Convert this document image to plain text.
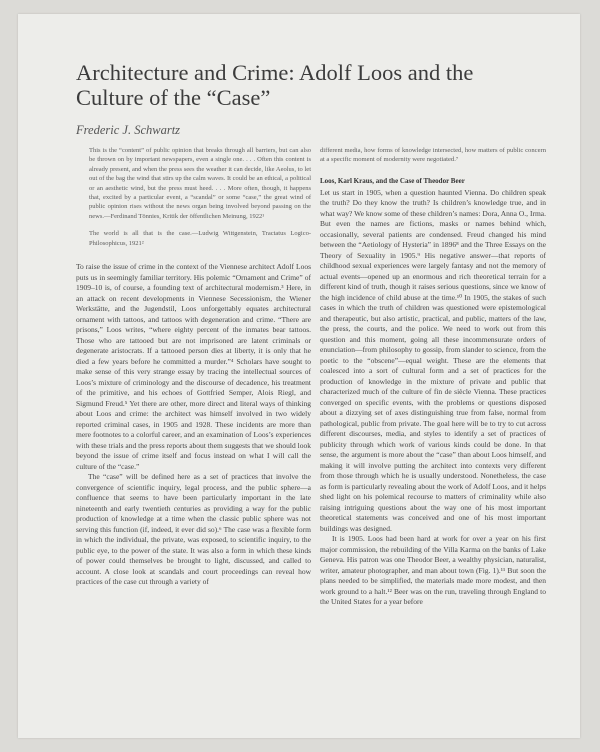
Architecture and Crime: Adolf Loos and the Culture of the “Case”

Frederic J. Schwartz

This is the “content” of public opinion that breaks through all barriers, but can also be thrown on by important newspapers, even a single one. . . . Often this content is already present, and when the press sees the weather it can decide, like Aeolus, to let out of the bag the wind that stirs up the calm waves. It could be an ethical, a political or an aesthetic wind, but the press must heed. . . . More often, though, it happens that, excited by a particular event, a “scandal” or some “case,” the great wind of public opinion rises without the news organ being involved beyond passing on the news.—Ferdinand Tönnies, Kritik der öffentlichen Meinung, 1922¹

The world is all that is the case.—Ludwig Wittgenstein, Tractatus Logico-Philosophicus, 1921²

To raise the issue of crime in the context of the Viennese architect Adolf Loos puts us in seemingly familiar territory. His polemic “Ornament and Crime” of 1909–10 is, of course, a founding text of architectural modernism.³ Here, in an attack on recent developments in Viennese Secessionism, the Wiener Werkstätte, and the Jugendstil, Loos unforgettably equates architectural ornament with tattoos, and tattoos with degeneration and crime. “There are prisons,” Loos writes, “where eighty percent of the inmates bear tattoos. Those who are tattooed but are not imprisoned are latent criminals or degenerate aristocrats. If a tattooed person dies at liberty, it is only that he died a few years before he committed a murder.”⁴ Scholars have sought to make sense of this very strange essay by tracing the intellectual sources of Loos’s mixture of criminology and the discourse of decadence, his treatment of the primitive, and his echoes of Gottfried Semper, Alois Riegl, and Sigmund Freud.⁵ Yet there are other, more direct and literal ways of thinking about Loos and crime: the architect was himself involved in two widely reported criminal cases, in 1905 and 1928. These incidents are more than mere footnotes to a colorful career, and an examination of Loos’s experiences with these trials and the press reports about them suggests that we should look beyond the issue of crime itself and focus instead on what I will call the culture of the “case.”

The “case” will be defined here as a set of practices that involve the convergence of scientific inquiry, legal process, and the public sphere—a confluence that seems to have been particularly important in the late nineteenth and early twentieth centuries as providing a way for the public production of knowledge at a time when the classic public sphere was not serving this function (if, indeed, it ever did so).⁶ The case was a flexible form in which the individual, the private, was exposed, to scientific inquiry, to the public eye, to the power of the state. It was also a form in which these kinds of power could themselves be brought to light, discussed, and called to account. A close look at scandals and court proceedings can reveal how practices of the case cut through a variety of

different media, how forms of knowledge intersected, how matters of public concern at a specific moment of modernity were negotiated.⁷

Loos, Karl Kraus, and the Case of Theodor Beer

Let us start in 1905, when a question haunted Vienna. Do children speak the truth? Do they know the truth? Is children’s knowledge true, and in what way? We know some of these children’s names: Dora, Anna O., Irma. But even the names are fictions, masks or names behind which, occasionally, several patients are condensed. Freud changed his mind between the “Aetiology of Hysteria” in 1896⁸ and the Three Essays on the Theory of Sexuality in 1905.⁹ His negative answer—that reports of childhood sexual experiences were largely fantasy and not the memory of actual events—opened up an enormous and rich theoretical terrain for a different kind of truth, though it raises serious questions, since we know of the high incidence of child abuse at the time.¹⁰ In 1905, the stakes of such cases in which the truth of children was questioned were epistemological and therapeutic, but also artistic, practical, and public, matters of the law, the press, the courts, and the police. We need to work out from this question and this moment, going all these incommensurate orders of enunciation—from philosophy to gossip, from slander to science, from the poetic to the “obscene”—equal weight. These are the elements that coalesced into a sort of cultural form and a set of practices for the production of knowledge in the mixture of private and public that characterized much of the culture of fin de siècle Vienna. These practices converged on specific events, with the problems or questions disposed about a dizzying set of axes distinguishing true from false, normal from pathological, public from private. The goal here will be to try to cut across different discourses, media, and styles to identify a set of practices of publicity through which work of various kinds could be done. In that sense, the argument is more about the “case” than about Loos himself, and making it will involve putting the architect into contexts very different from those through which he is usually understood. Nonetheless, the case as form is particularly revealing about the work of Adolf Loos, and it helps shed light on his polemical recourse to matters of criminality while also raising intriguing questions about the way one of his most important theoretical statements was conceived and one of his most important buildings was designed.

It is 1905. Loos had been hard at work for over a year on his first major commission, the rebuilding of the Villa Karma on the banks of Lake Geneva. His patron was one Theodor Beer, a wealthy physician, naturalist, writer, amateur photographer, and man about town (Fig. 1).¹¹ But soon the plans needed to be simplified, the materials made more modest, and then work ground to a halt.¹² Beer was on the run, traveling through England to the United States for a year before
